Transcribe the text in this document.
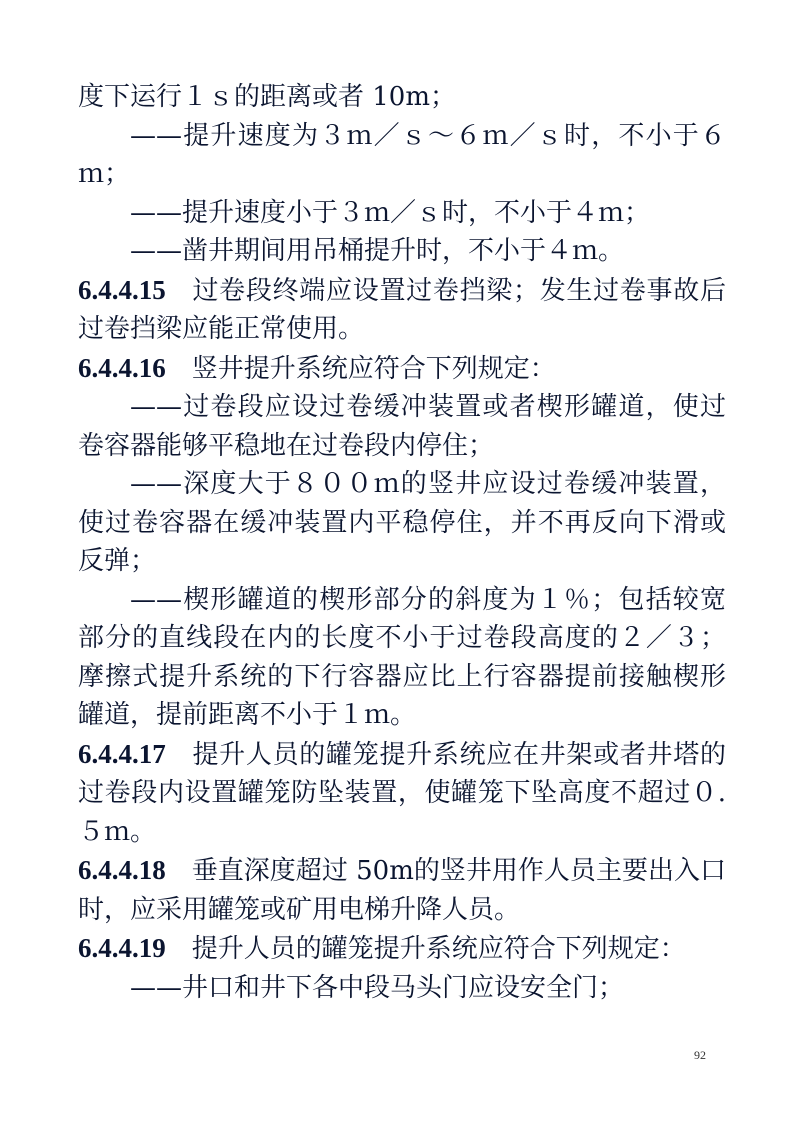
度下运行１ｓ的距离或者 10m；

——提升速度为３ｍ／ｓ～６ｍ／ｓ时，不小于６ｍ；

——提升速度小于３ｍ／ｓ时，不小于４ｍ；

——凿井期间用吊桶提升时，不小于４ｍ。

6.4.4.15 过卷段终端应设置过卷挡梁；发生过卷事故后过卷挡梁应能正常使用。

6.4.4.16 竖井提升系统应符合下列规定：

——过卷段应设过卷缓冲装置或者楔形罐道，使过卷容器能够平稳地在过卷段内停住；

——深度大于８００ｍ的竖井应设过卷缓冲装置，使过卷容器在缓冲装置内平稳停住，并不再反向下滑或反弹；

——楔形罐道的楔形部分的斜度为１％；包括较宽部分的直线段在内的长度不小于过卷段高度的２／３；摩擦式提升系统的下行容器应比上行容器提前接触楔形罐道，提前距离不小于１ｍ。

6.4.4.17 提升人员的罐笼提升系统应在井架或者井塔的过卷段内设置罐笼防坠装置，使罐笼下坠高度不超过０.５ｍ。

6.4.4.18 垂直深度超过 50m的竖井用作人员主要出入口时，应采用罐笼或矿用电梯升降人员。

6.4.4.19 提升人员的罐笼提升系统应符合下列规定：

——井口和井下各中段马头门应设安全门；

92
